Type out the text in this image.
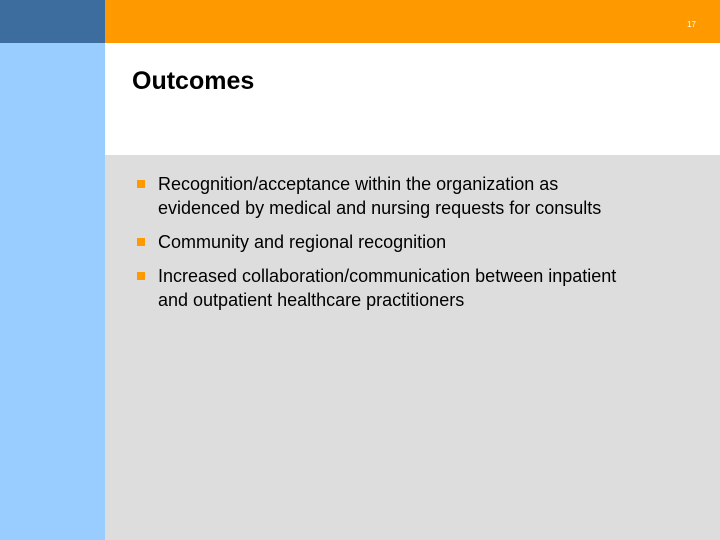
17
Outcomes
Recognition/acceptance within the organization as evidenced by medical and nursing requests for consults
Community and regional recognition
Increased collaboration/communication between inpatient and outpatient healthcare practitioners
